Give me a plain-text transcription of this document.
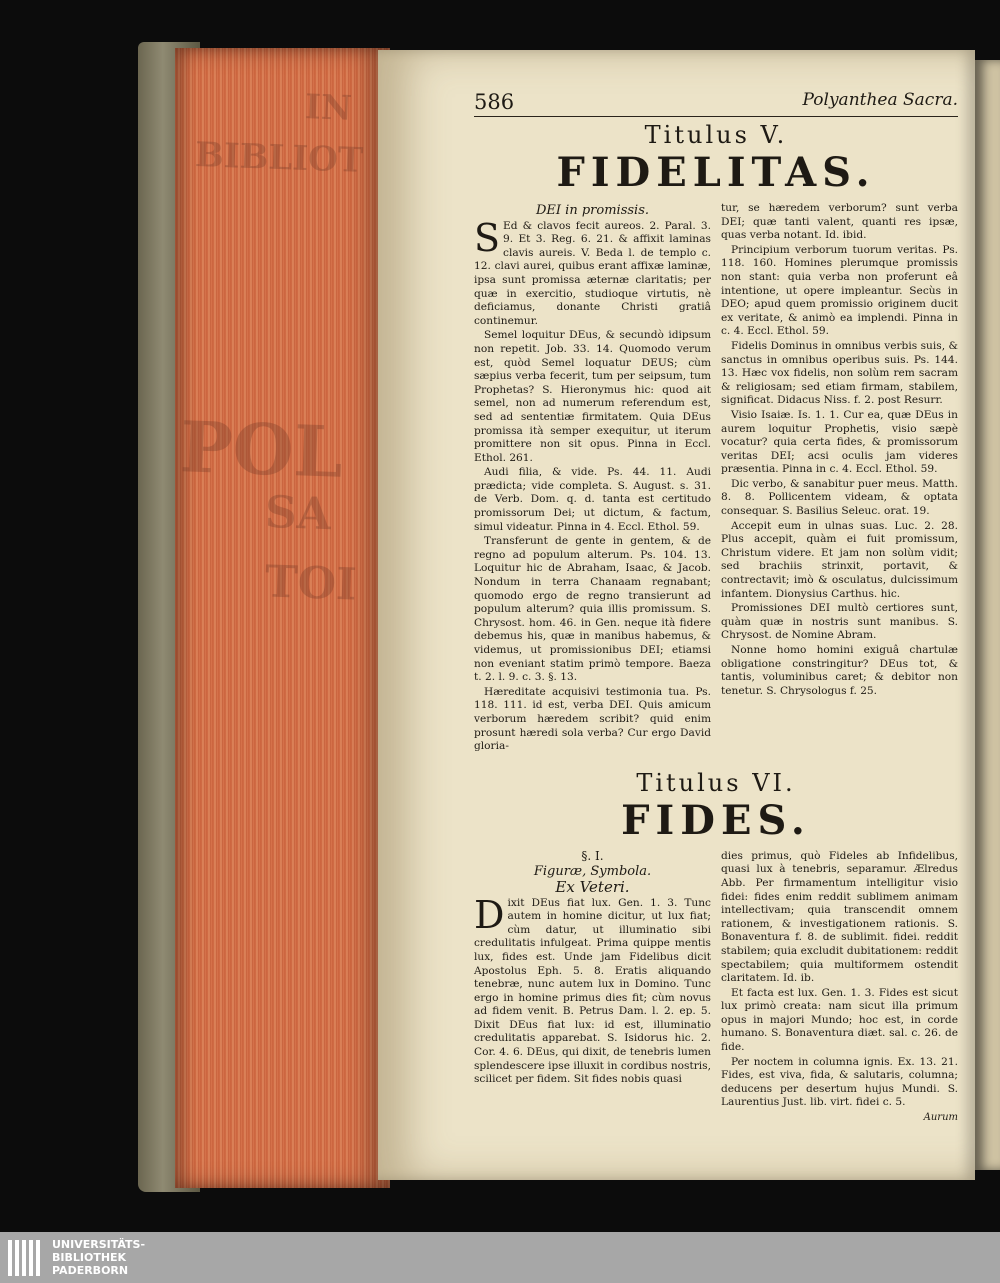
IN
BIBLIOT
POL
SA
TOI
586	Polyanthea Sacra.
Titulus V.
FIDELITAS.
DEI in promissis.

S Ed & clavos fecit aureos. 2. Paral. 3. 9. Et 3. Reg. 6. 21. & affixit laminas clavis aureis. V. Beda l. de templo c. 12. clavi aurei, quibus erant affixæ laminæ, ipsa sunt promissa æternæ claritatis; per quæ in exercitio, studioque virtutis, nè deficiamus, donante Christi gratiâ continemur.

Semel loquitur DEus, & secundò idipsum non repetit. Job. 33. 14. Quomodo verum est, quòd Semel loquatur DEUS; cùm sæpius verba fecerit, tum per seipsum, tum Prophetas? S. Hieronymus hic: quod ait semel, non ad numerum referendum est, sed ad sententiæ firmitatem. Quia DEus promissa ità semper exequitur, ut iterum promittere non sit opus. Pinna in Eccl. Ethol. 261.

Audi filia, & vide. Ps. 44. 11. Audi prædicta; vide completa. S. August. s. 31. de Verb. Dom. q. d. tanta est certitudo promissorum Dei; ut dictum, & factum, simul videatur. Pinna in 4. Eccl. Ethol. 59.

Transferunt de gente in gentem, & de regno ad populum alterum. Ps. 104. 13. Loquitur hic de Abraham, Isaac, & Jacob. Nondum in terra Chanaam regnabant; quomodo ergo de regno transierunt ad populum alterum? quia illis promissum. S. Chrysost. hom. 46. in Gen. neque ità fidere debemus his, quæ in manibus habemus, & videmus, ut promissionibus DEI; etiamsi non eveniant statim primò tempore. Baeza t. 2. l. 9. c. 3. §. 13.

Hæreditate acquisivi testimonia tua. Ps. 118. 111. id est, verba DEI. Quis amicum verborum hæredem scribit? quid enim prosunt hæredi sola verba? Cur ergo David gloria-

tur, se hæredem verborum? sunt verba DEI; quæ tanti valent, quanti res ipsæ, quas verba notant. Id. ibid.

Principium verborum tuorum veritas. Ps. 118. 160. Homines plerumque promissis non stant: quia verba non proferunt eâ intentione, ut opere impleantur. Secùs in DEO; apud quem promissio originem ducit ex veritate, & animò ea implendi. Pinna in c. 4. Eccl. Ethol. 59.

Fidelis Dominus in omnibus verbis suis, & sanctus in omnibus operibus suis. Ps. 144. 13. Hæc vox fidelis, non solùm rem sacram & religiosam; sed etiam firmam, stabilem, significat. Didacus Niss. f. 2. post Resurr.

Visio Isaiæ. Is. 1. 1. Cur ea, quæ DEus in aurem loquitur Prophetis, visio sæpè vocatur? quia certa fides, & promissorum veritas DEI; acsi oculis jam videres præsentia. Pinna in c. 4. Eccl. Ethol. 59.

Dic verbo, & sanabitur puer meus. Matth. 8. 8. Pollicentem videam, & optata consequar. S. Basilius Seleuc. orat. 19.

Accepit eum in ulnas suas. Luc. 2. 28. Plus accepit, quàm ei fuit promissum, Christum videre. Et jam non solùm vidit; sed brachiis strinxit, portavit, & contrectavit; imò & osculatus, dulcissimum infantem. Dionysius Carthus. hic.

Promissiones DEI multò certiores sunt, quàm quæ in nostris sunt manibus. S. Chrysost. de Nomine Abram.

Nonne homo homini exiguâ chartulæ obligatione constringitur? DEus tot, & tantis, voluminibus caret; & debitor non tenetur. S. Chrysologus f. 25.

Titulus VI.
FIDES.
§. I.
Figuræ, Symbola.
Ex Veteri.

Dixit DEus fiat lux. Gen. 1. 3. Tunc autem in homine dicitur, ut lux fiat; cùm datur, ut illuminatio sibi credulitatis infulgeat. Prima quippe mentis lux, fides est. Unde jam Fidelibus dicit Apostolus Eph. 5. 8. Eratis aliquando tenebræ, nunc autem lux in Domino. Tunc ergo in homine primus dies fit; cùm novus ad fidem venit. B. Petrus Dam. l. 2. ep. 5. Dixit DEus fiat lux: id est, illuminatio credulitatis apparebat. S. Isidorus hic. 2. Cor. 4. 6. DEus, qui dixit, de tenebris lumen splendescere ipse illuxit in cordibus nostris, scilicet per fidem. Sit fides nobis quasi

dies primus, quò Fideles ab Infidelibus, quasi lux à tenebris, separamur. Ælredus Abb. Per firmamentum intelligitur visio fidei: fides enim reddit sublimem animam intellectivam; quia transcendit omnem rationem, & investigationem rationis. S. Bonaventura f. 8. de sublimit. fidei. reddit stabilem; quia excludit dubitationem: reddit spectabilem; quia multiformem ostendit claritatem. Id. ib.

Et facta est lux. Gen. 1. 3. Fides est sicut lux primò creata: nam sicut illa primum opus in majori Mundo; hoc est, in corde humano. S. Bonaventura diæt. sal. c. 26. de fide.

Per noctem in columna ignis. Ex. 13. 21. Fides, est viva, fida, & salutaris, columna; deducens per desertum hujus Mundi. S. Laurentius Just. lib. virt. fidei c. 5.

Aurum
UNIVERSITÄTS-
BIBLIOTHEK
PADERBORN
